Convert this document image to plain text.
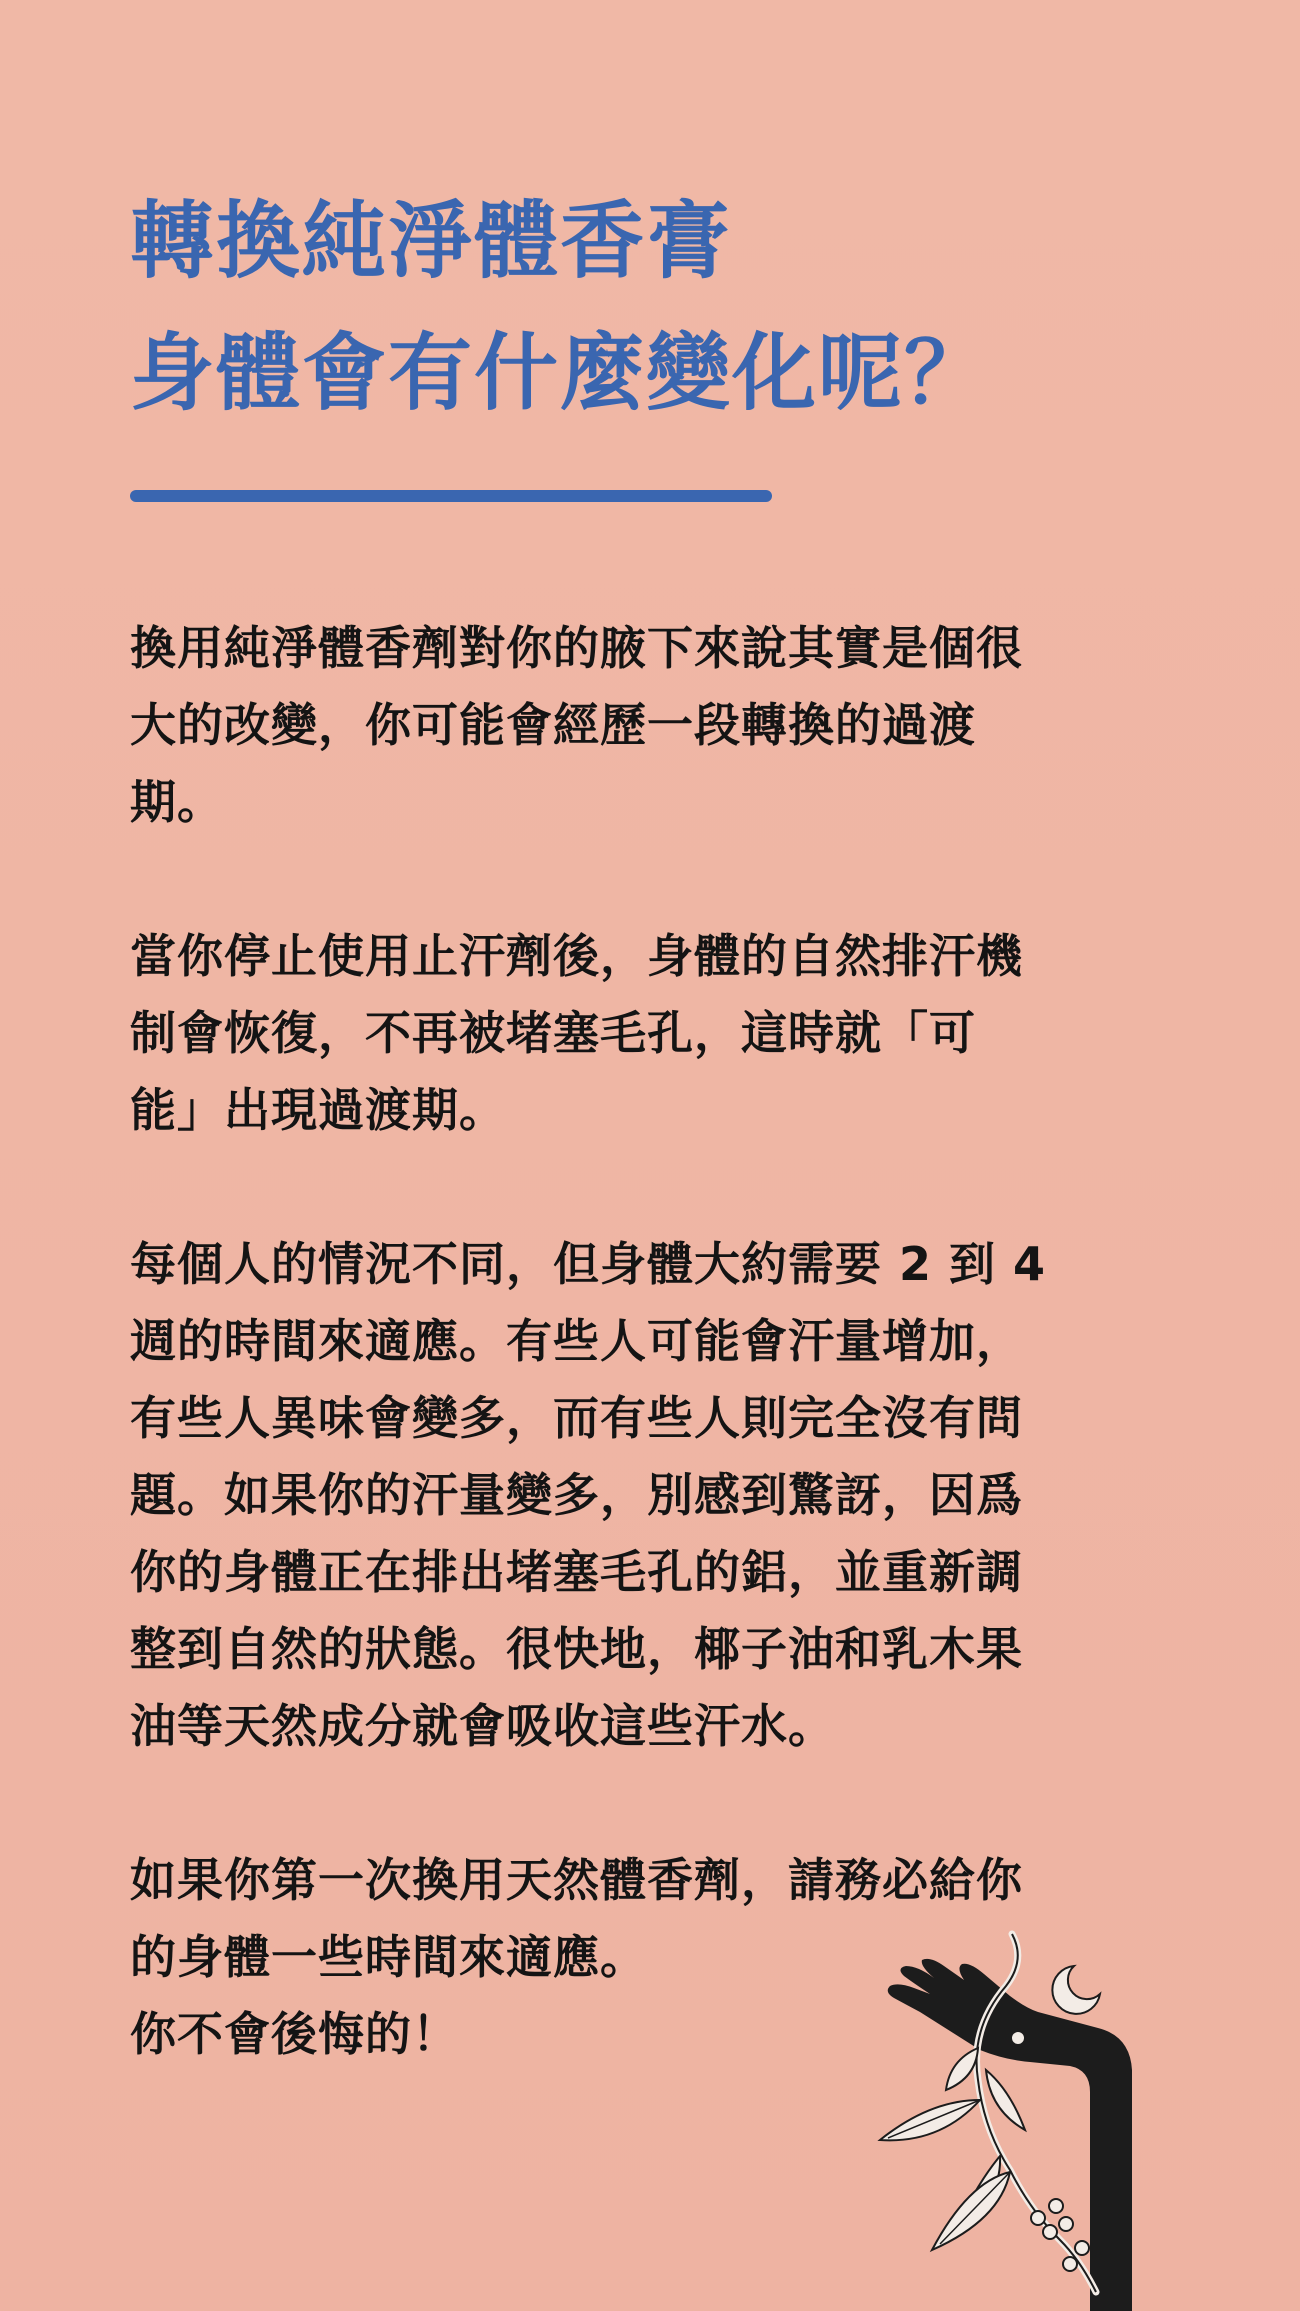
轉換純淨體香膏
身體會有什麼變化呢？
換用純淨體香劑對你的腋下來說其實是個很
大的改變，你可能會經歷一段轉換的過渡
期。
當你停止使用止汗劑後，身體的自然排汗機
制會恢復，不再被堵塞毛孔，這時就「可
能」出現過渡期。
每個人的情況不同，但身體大約需要 2 到 4
週的時間來適應。有些人可能會汗量增加，
有些人異味會變多，而有些人則完全沒有問
題。如果你的汗量變多，別感到驚訝，因爲
你的身體正在排出堵塞毛孔的鋁，並重新調
整到自然的狀態。很快地，椰子油和乳木果
油等天然成分就會吸收這些汗水。
如果你第一次換用天然體香劑，請務必給你
的身體一些時間來適應。
你不會後悔的！
